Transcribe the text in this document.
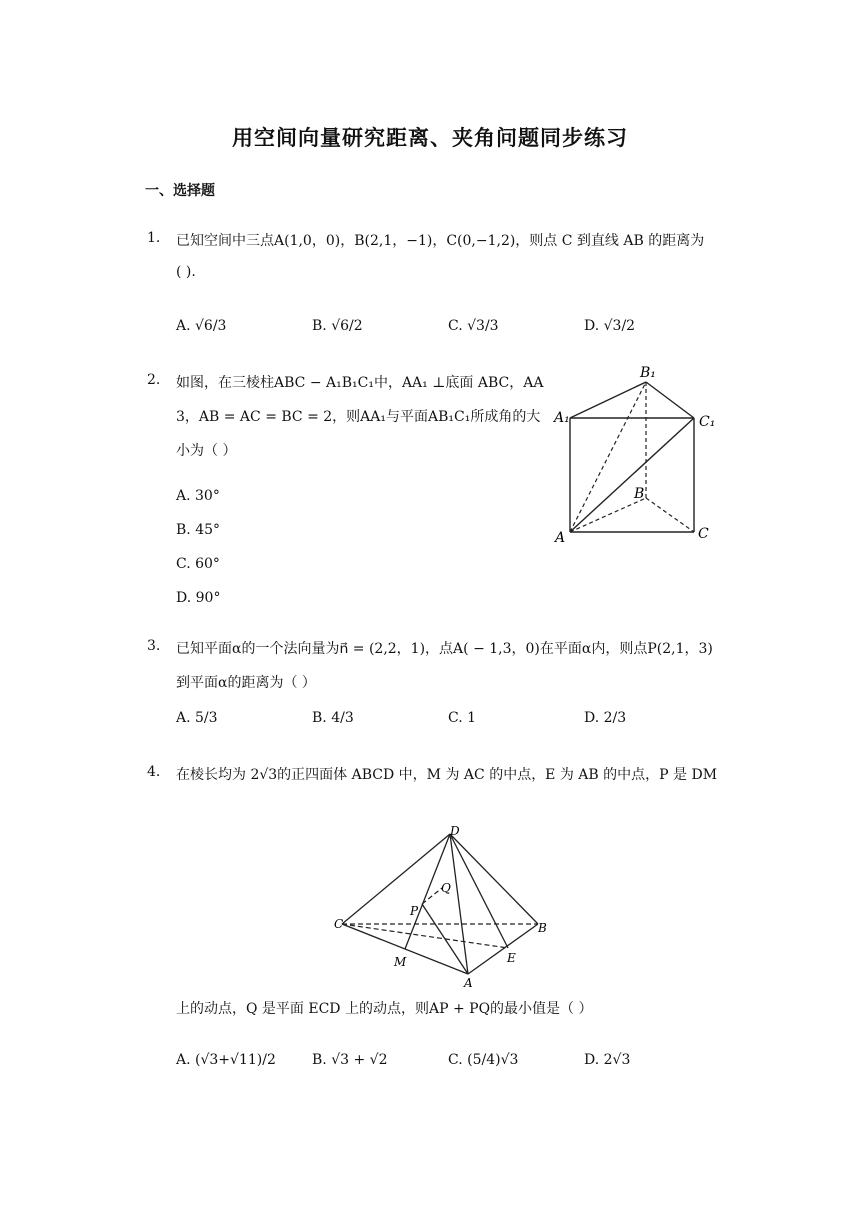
用空间向量研究距离、夹角问题同步练习
一、选择题
1. 已知空间中三点A(1,0，0)，B(2,1，−1)，C(0,−1,2)，则点 C 到直线 AB 的距离为
( ).
A. √6/3	B. √6/2	C. √3/3	D. √3/2
2. 如图，在三棱柱ABC − A₁B₁C₁中，AA₁ ⊥底面 ABC，AA
3，AB = AC = BC = 2，则AA₁与平面AB₁C₁所成角的大
小为（ ）
A. 30°
B. 45°
C. 60°
D. 90°
B₁
A₁	C₁
B
A	C
3. 已知平面α的一个法向量为n⃗ = (2,2，1)，点A( − 1,3，0)在平面α内，则点P(2,1，3)
到平面α的距离为（ ）
A. 5/3	B. 4/3	C. 1	D. 2/3
4. 在棱长均为 2√3的正四面体 ABCD 中，M 为 AC 的中点，E 为 AB 的中点，P 是 DM
D
Q
P
C	B
M	E
A
上的动点，Q 是平面 ECD 上的动点，则AP + PQ的最小值是（ ）
A. (√3+√11)/2	B. √3 + √2	C. (5/4)√3	D. 2√3
